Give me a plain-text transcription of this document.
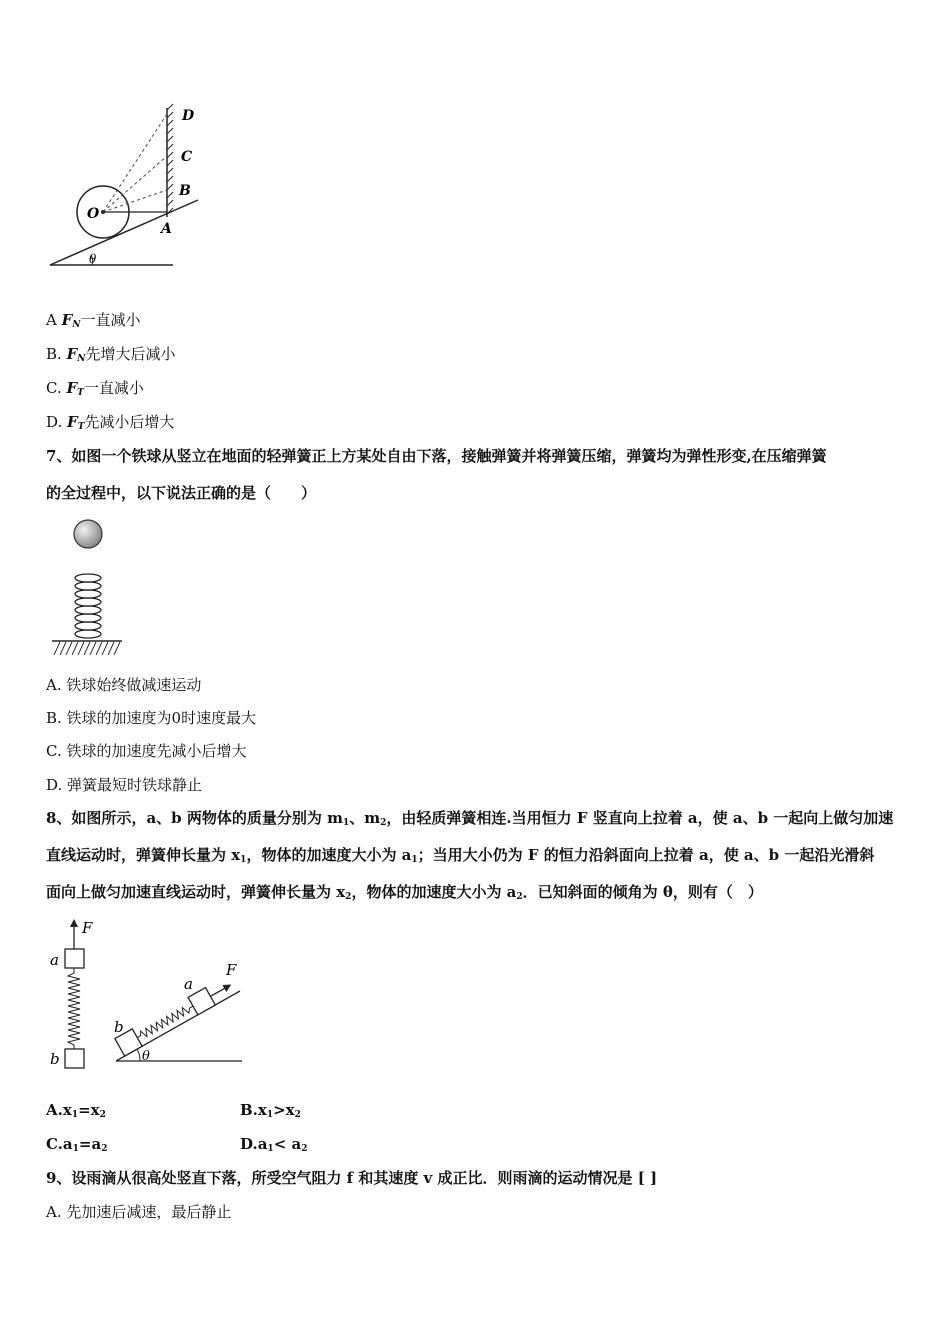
D
C
B
O
A
θ
A $F_N$一直减小
B. $F_N$先增大后减小
C. $F_T$一直减小
D. $F_T$先减小后增大
7、如图一个铁球从竖立在地面的轻弹簧正上方某处自由下落，接触弹簧并将弹簧压缩，弹簧均为弹性形变,在压缩弹簧
的全过程中，以下说法正确的是（　　）
A. 铁球始终做减速运动
B. 铁球的加速度为0时速度最大
C. 铁球的加速度先减小后增大
D. 弹簧最短时铁球静止
8、如图所示，a、b 两物体的质量分别为 $m_1$、$m_2$，由轻质弹簧相连.当用恒力 F 竖直向上拉着 a，使 a、b 一起向上做匀加速
直线运动时，弹簧伸长量为 $x_1$，物体的加速度大小为 $a_1$；当用大小仍为 F 的恒力沿斜面向上拉着 a，使 a、b 一起沿光滑斜
面向上做匀加速直线运动时，弹簧伸长量为 $x_2$，物体的加速度大小为 $a_2$．已知斜面的倾角为 θ，则有（　）
F
a
b	θ
b
a
F
$A.x_1=x_2$	$B.x_1>x_2$
$C.a_1=a_2$	$D.a_1< a_2$
9、设雨滴从很高处竖直下落，所受空气阻力 f 和其速度 v 成正比．则雨滴的运动情况是 [ ]
A. 先加速后减速，最后静止
